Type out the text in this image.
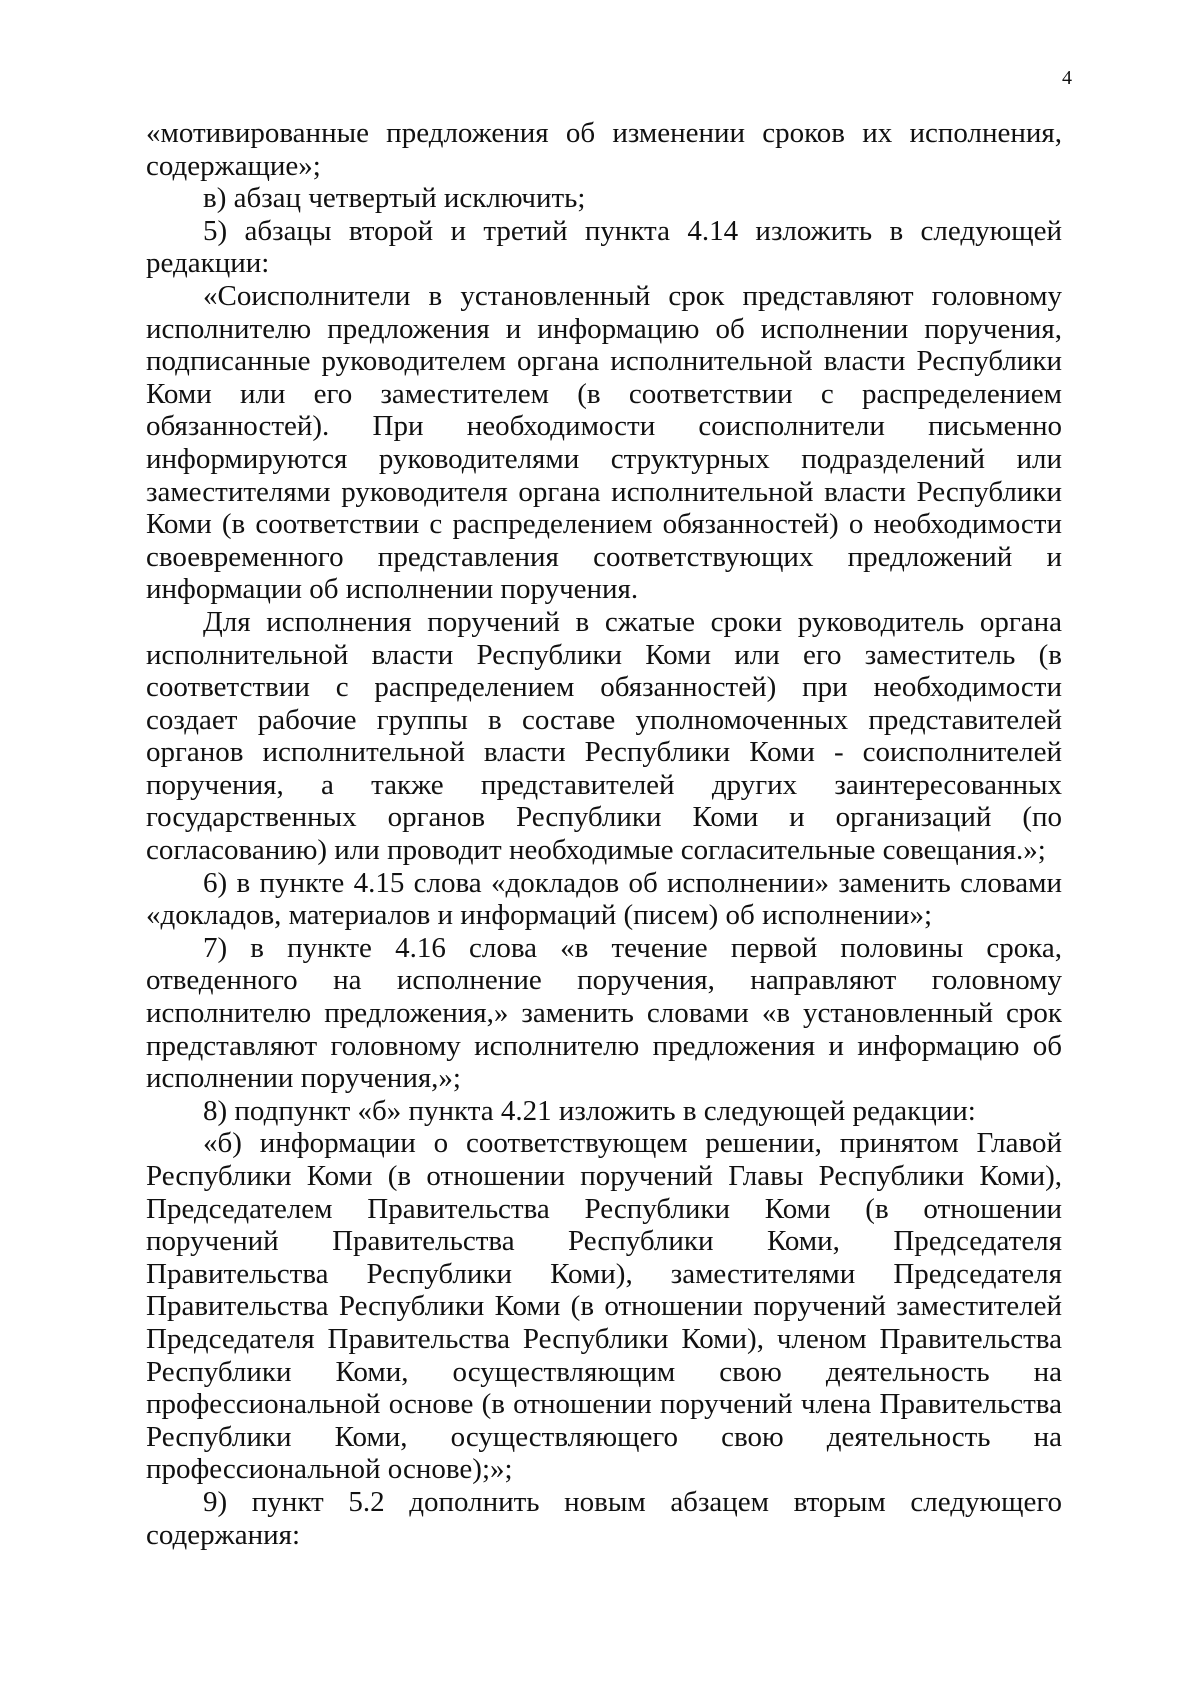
4

«мотивированные предложения об изменении сроков их исполнения, содержащие»;

в) абзац четвертый исключить;

5) абзацы второй и третий пункта 4.14 изложить в следующей редакции:

«Соисполнители в установленный срок представляют головному исполнителю предложения и информацию об исполнении поручения, подписанные руководителем органа исполнительной власти Республики Коми или его заместителем (в соответствии с распределением обязанностей). При необходимости соисполнители письменно информируются руководителями структурных подразделений или заместителями руководителя органа исполнительной власти Республики Коми (в соответствии с распределением обязанностей) о необходимости своевременного представления соответствующих предложений и информации об исполнении поручения.

Для исполнения поручений в сжатые сроки руководитель органа исполнительной власти Республики Коми или его заместитель (в соответствии с распределением обязанностей) при необходимости создает рабочие группы в составе уполномоченных представителей органов исполнительной власти Республики Коми - соисполнителей поручения, а также представителей других заинтересованных государственных органов Республики Коми и организаций (по согласованию) или проводит необходимые согласительные совещания.»;

6) в пункте 4.15 слова «докладов об исполнении» заменить словами «докладов, материалов и информаций (писем) об исполнении»;

7) в пункте 4.16 слова «в течение первой половины срока, отведенного на исполнение поручения, направляют головному исполнителю предложения,» заменить словами «в установленный срок представляют головному исполнителю предложения и информацию об исполнении поручения,»;

8) подпункт «б» пункта 4.21 изложить в следующей редакции:

«б) информации о соответствующем решении, принятом Главой Республики Коми (в отношении поручений Главы Республики Коми), Председателем Правительства Республики Коми (в отношении поручений Правительства Республики Коми, Председателя Правительства Республики Коми), заместителями Председателя Правительства Республики Коми (в отношении поручений заместителей Председателя Правительства Республики Коми), членом Правительства Республики Коми, осуществляющим свою деятельность на профессиональной основе (в отношении поручений члена Правительства Республики Коми, осуществляющего свою деятельность на профессиональной основе);»;

9) пункт 5.2 дополнить новым абзацем вторым следующего содержания:
